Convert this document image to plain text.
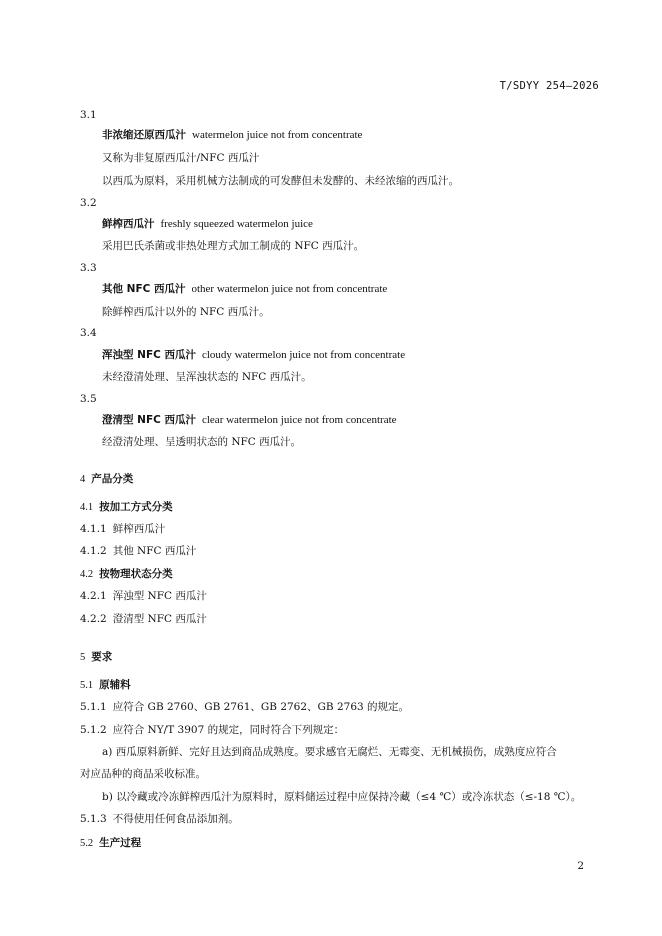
T/SDYY 254—2026
3.1
非浓缩还原西瓜汁 watermelon juice not from concentrate
又称为非复原西瓜汁/NFC 西瓜汁
以西瓜为原料，采用机械方法制成的可发酵但未发酵的、未经浓缩的西瓜汁。
3.2
鲜榨西瓜汁 freshly squeezed watermelon juice
采用巴氏杀菌或非热处理方式加工制成的 NFC 西瓜汁。
3.3
其他 NFC 西瓜汁 other watermelon juice not from concentrate
除鲜榨西瓜汁以外的 NFC 西瓜汁。
3.4
浑浊型 NFC 西瓜汁 cloudy watermelon juice not from concentrate
未经澄清处理、呈浑浊状态的 NFC 西瓜汁。
3.5
澄清型 NFC 西瓜汁 clear watermelon juice not from concentrate
经澄清处理、呈透明状态的 NFC 西瓜汁。
4 产品分类
4.1 按加工方式分类
4.1.1 鲜榨西瓜汁
4.1.2 其他 NFC 西瓜汁
4.2 按物理状态分类
4.2.1 浑浊型 NFC 西瓜汁
4.2.2 澄清型 NFC 西瓜汁
5 要求
5.1 原辅料
5.1.1 应符合 GB 2760、GB 2761、GB 2762、GB 2763 的规定。
5.1.2 应符合 NY/T 3907 的规定，同时符合下列规定：
a) 西瓜原料新鲜、完好且达到商品成熟度。要求感官无腐烂、无霉变、无机械损伤，成熟度应符合
对应品种的商品采收标准。
b) 以冷藏或冷冻鲜榨西瓜汁为原料时，原料储运过程中应保持冷藏（≤4 ℃）或冷冻状态（≤-18 ℃）。
5.1.3 不得使用任何食品添加剂。
5.2 生产过程
2
